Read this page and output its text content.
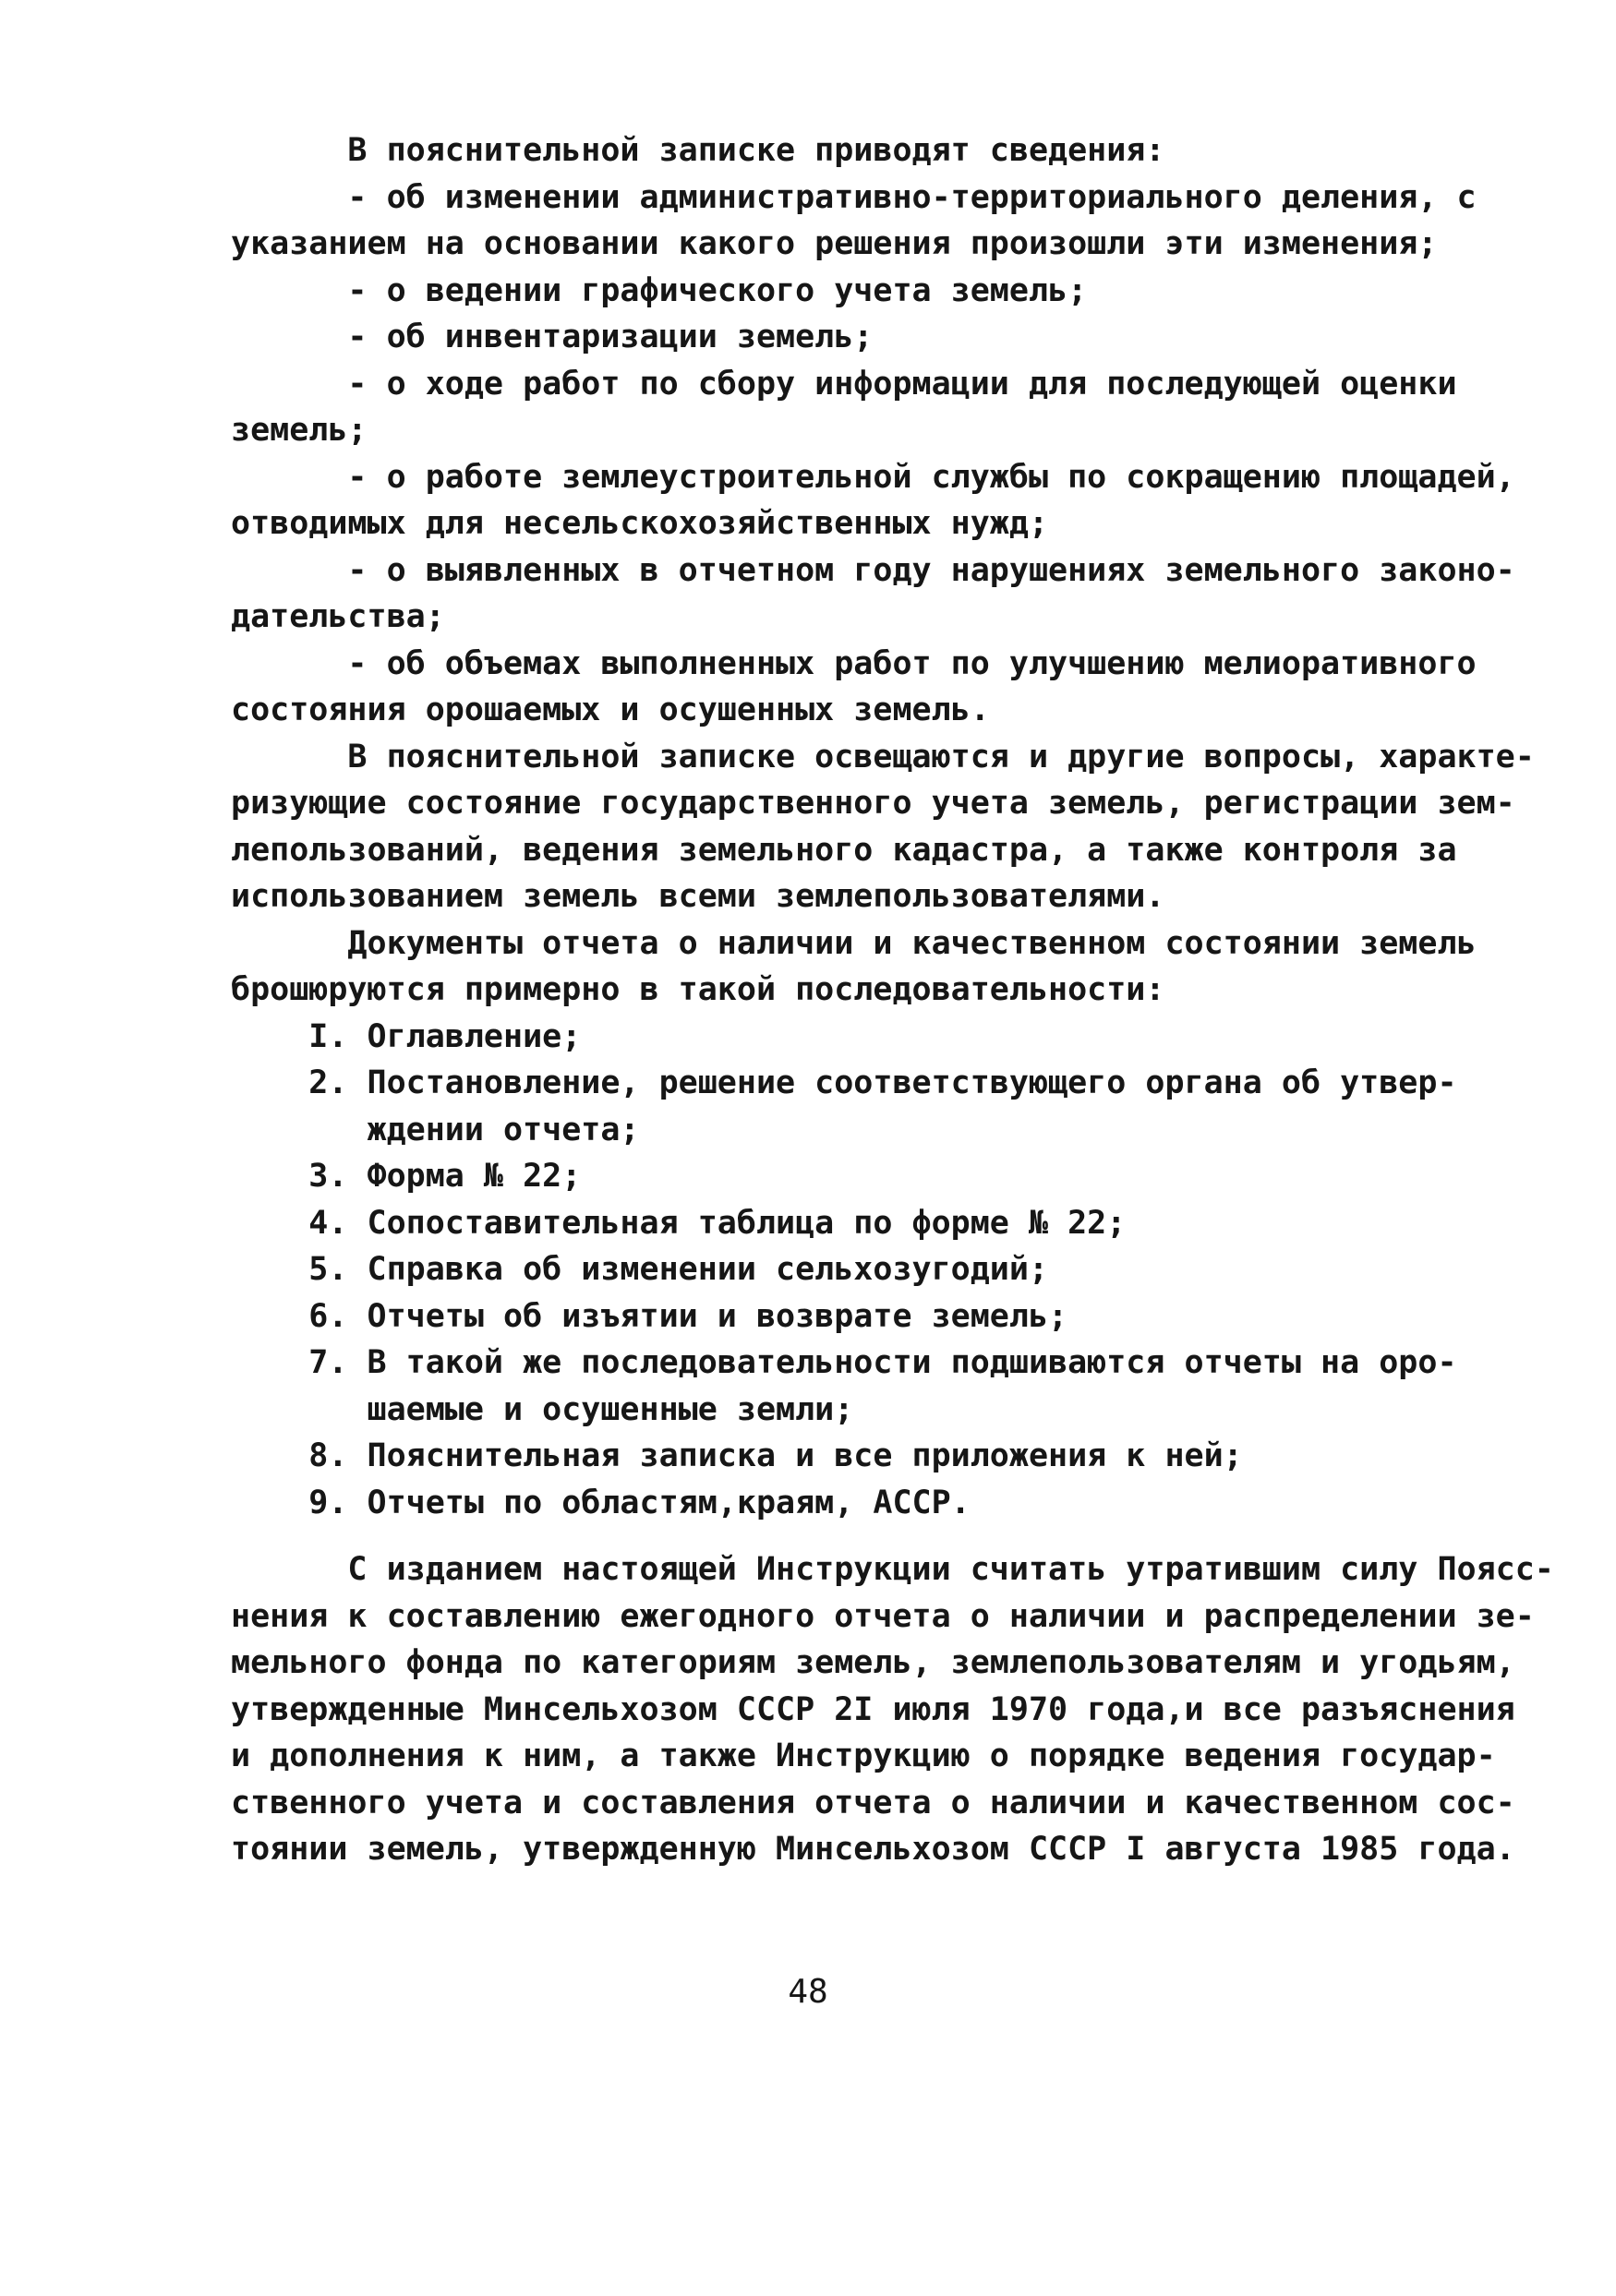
В пояснительной записке приводят сведения:
- об изменении административно-территориального деления, с
указанием на основании какого решения произошли эти изменения;
- о ведении графического учета земель;
- об инвентаризации земель;
- о ходе работ по сбору информации для последующей оценки
земель;
- о работе землеустроительной службы по сокращению площадей,
отводимых для несельскохозяйственных нужд;
- о выявленных в отчетном году нарушениях земельного законо-
дательства;
- об объемах выполненных работ по улучшению мелиоративного
состояния орошаемых и осушенных земель.
В пояснительной записке освещаются и другие вопросы, характе-
ризующие состояние государственного учета земель, регистрации зем-
лепользований, ведения земельного кадастра, а также контроля за
использованием земель всеми землепользователями.
Документы отчета о наличии и качественном состоянии земель
брошюруются примерно в такой последовательности:
I. Оглавление;
2. Постановление, решение соответствующего органа об утвер-
ждении отчета;
3. Форма № 22;
4. Сопоставительная таблица по форме № 22;
5. Справка об изменении сельхозугодий;
6. Отчеты об изъятии и возврате земель;
7. В такой же последовательности подшиваются отчеты на оро-
шаемые и осушенные земли;
8. Пояснительная записка и все приложения к ней;
9. Отчеты по областям,краям, АССР.
С изданием настоящей Инструкции считать утратившим силу Поясс-
нения к составлению ежегодного отчета о наличии и распределении зе-
мельного фонда по категориям земель, землепользователям и угодьям,
утвержденные Минсельхозом СССР 2I июля 1970 года,и все разъяснения
и дополнения к ним, а также Инструкцию о порядке ведения государ-
ственного учета и составления отчета о наличии и качественном сос-
тоянии земель, утвержденную Минсельхозом СССР I августа 1985 года.
48
